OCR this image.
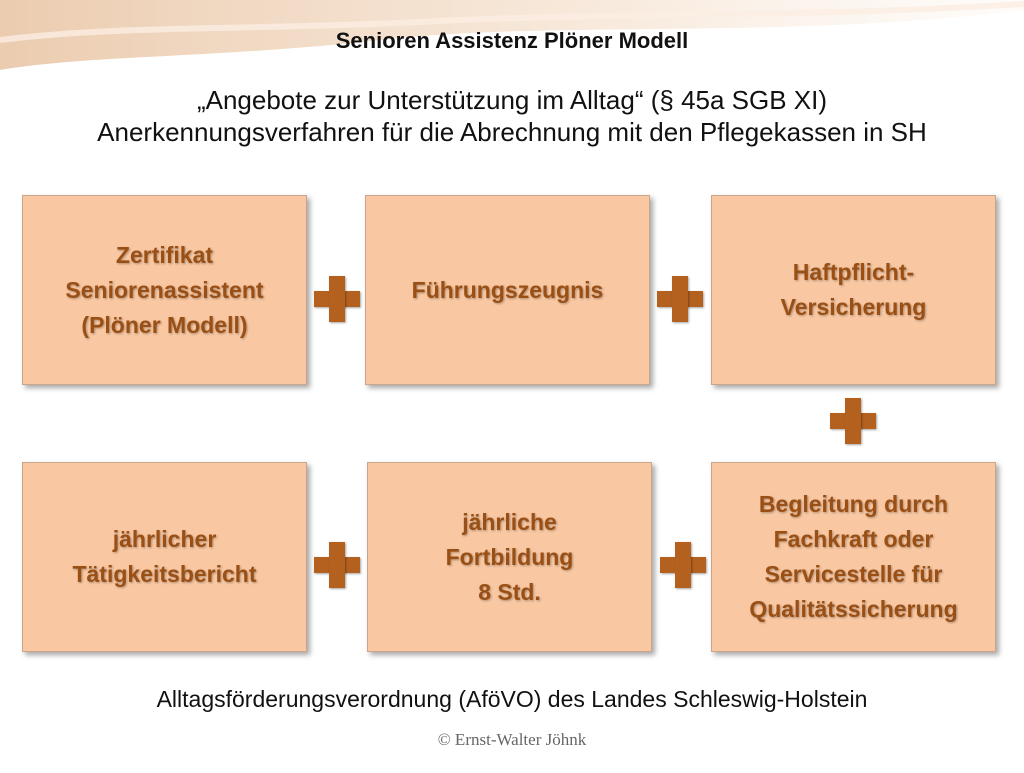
Senioren Assistenz Plöner Modell
„Angebote zur Unterstützung im Alltag“ (§ 45a SGB XI)
Anerkennungsverfahren für die Abrechnung mit den Pflegekassen in SH
Zertifikat
Seniorenassistent
(Plöner Modell)
Führungszeugnis
Haftpflicht-
Versicherung
jährlicher
Tätigkeitsbericht
jährliche
Fortbildung
8 Std.
Begleitung durch
Fachkraft oder
Servicestelle für
Qualitätssicherung
Alltagsförderungsverordnung (AföVO) des Landes Schleswig-Holstein
© Ernst-Walter Jöhnk
